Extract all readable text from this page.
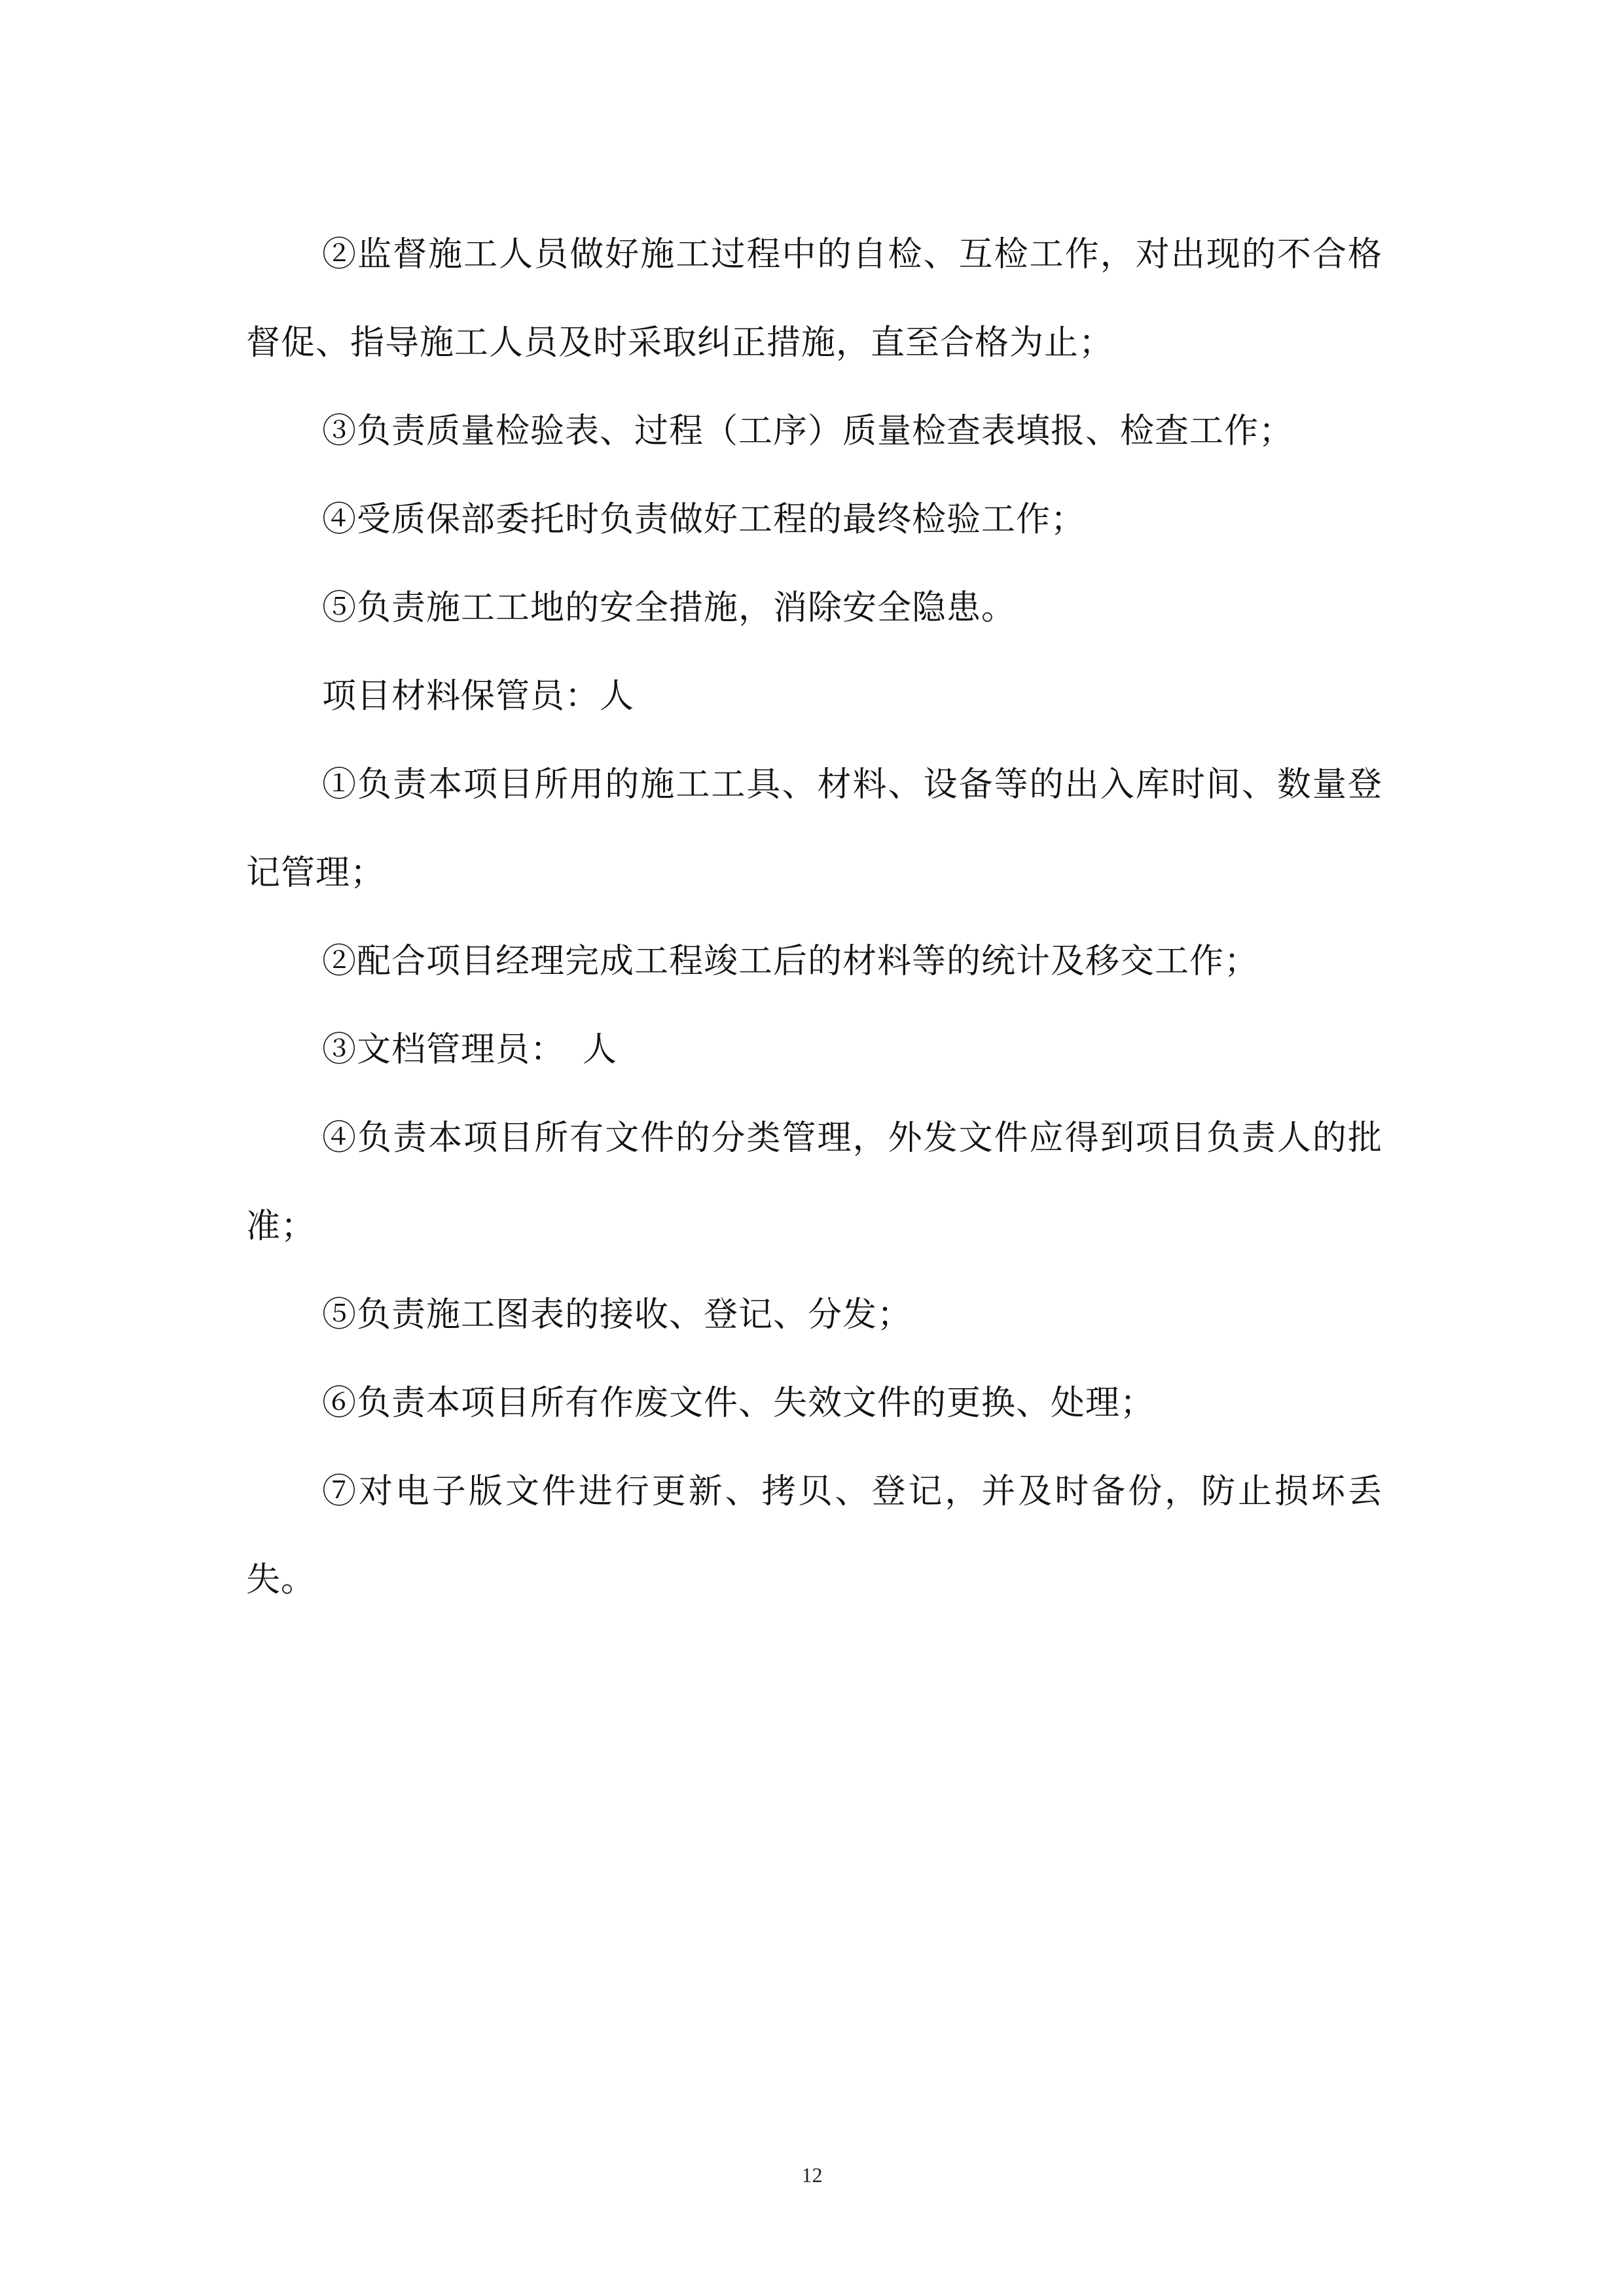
②监督施工人员做好施工过程中的自检、互检工作，对出现的不合格督促、指导施工人员及时采取纠正措施，直至合格为止；

③负责质量检验表、过程（工序）质量检查表填报、检查工作；

④受质保部委托时负责做好工程的最终检验工作；

⑤负责施工工地的安全措施，消除安全隐患。

项目材料保管员：人

①负责本项目所用的施工工具、材料、设备等的出入库时间、数量登记管理；

②配合项目经理完成工程竣工后的材料等的统计及移交工作；

③文档管理员：　人

④负责本项目所有文件的分类管理，外发文件应得到项目负责人的批准；

⑤负责施工图表的接收、登记、分发；

⑥负责本项目所有作废文件、失效文件的更换、处理；

⑦对电子版文件进行更新、拷贝、登记，并及时备份，防止损坏丢失。

12
